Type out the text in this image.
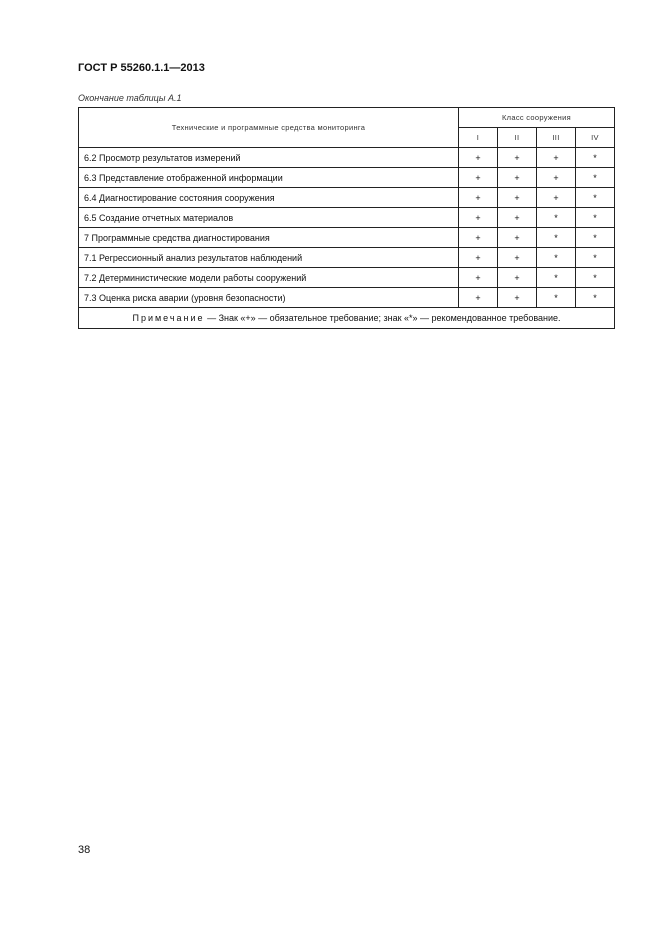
ГОСТ Р 55260.1.1—2013
Окончание таблицы А.1
Технические и программные средства мониторинга	Класс сооружения			
	I	II	III	IV
6.2 Просмотр результатов измерений	+	+	+	*
6.3 Представление отображенной информации	+	+	+	*
6.4 Диагностирование состояния сооружения	+	+	+	*
6.5 Создание отчетных материалов	+	+	*	*
7 Программные средства диагностирования	+	+	*	*
7.1 Регрессионный анализ результатов наблюдений	+	+	*	*
7.2 Детерминистические модели работы сооружений	+	+	*	*
7.3 Оценка риска аварии (уровня безопасности)	+	+	*	*
Примечание — Знак «+» — обязательное требование; знак «*» — рекомендованное требование.				
38
